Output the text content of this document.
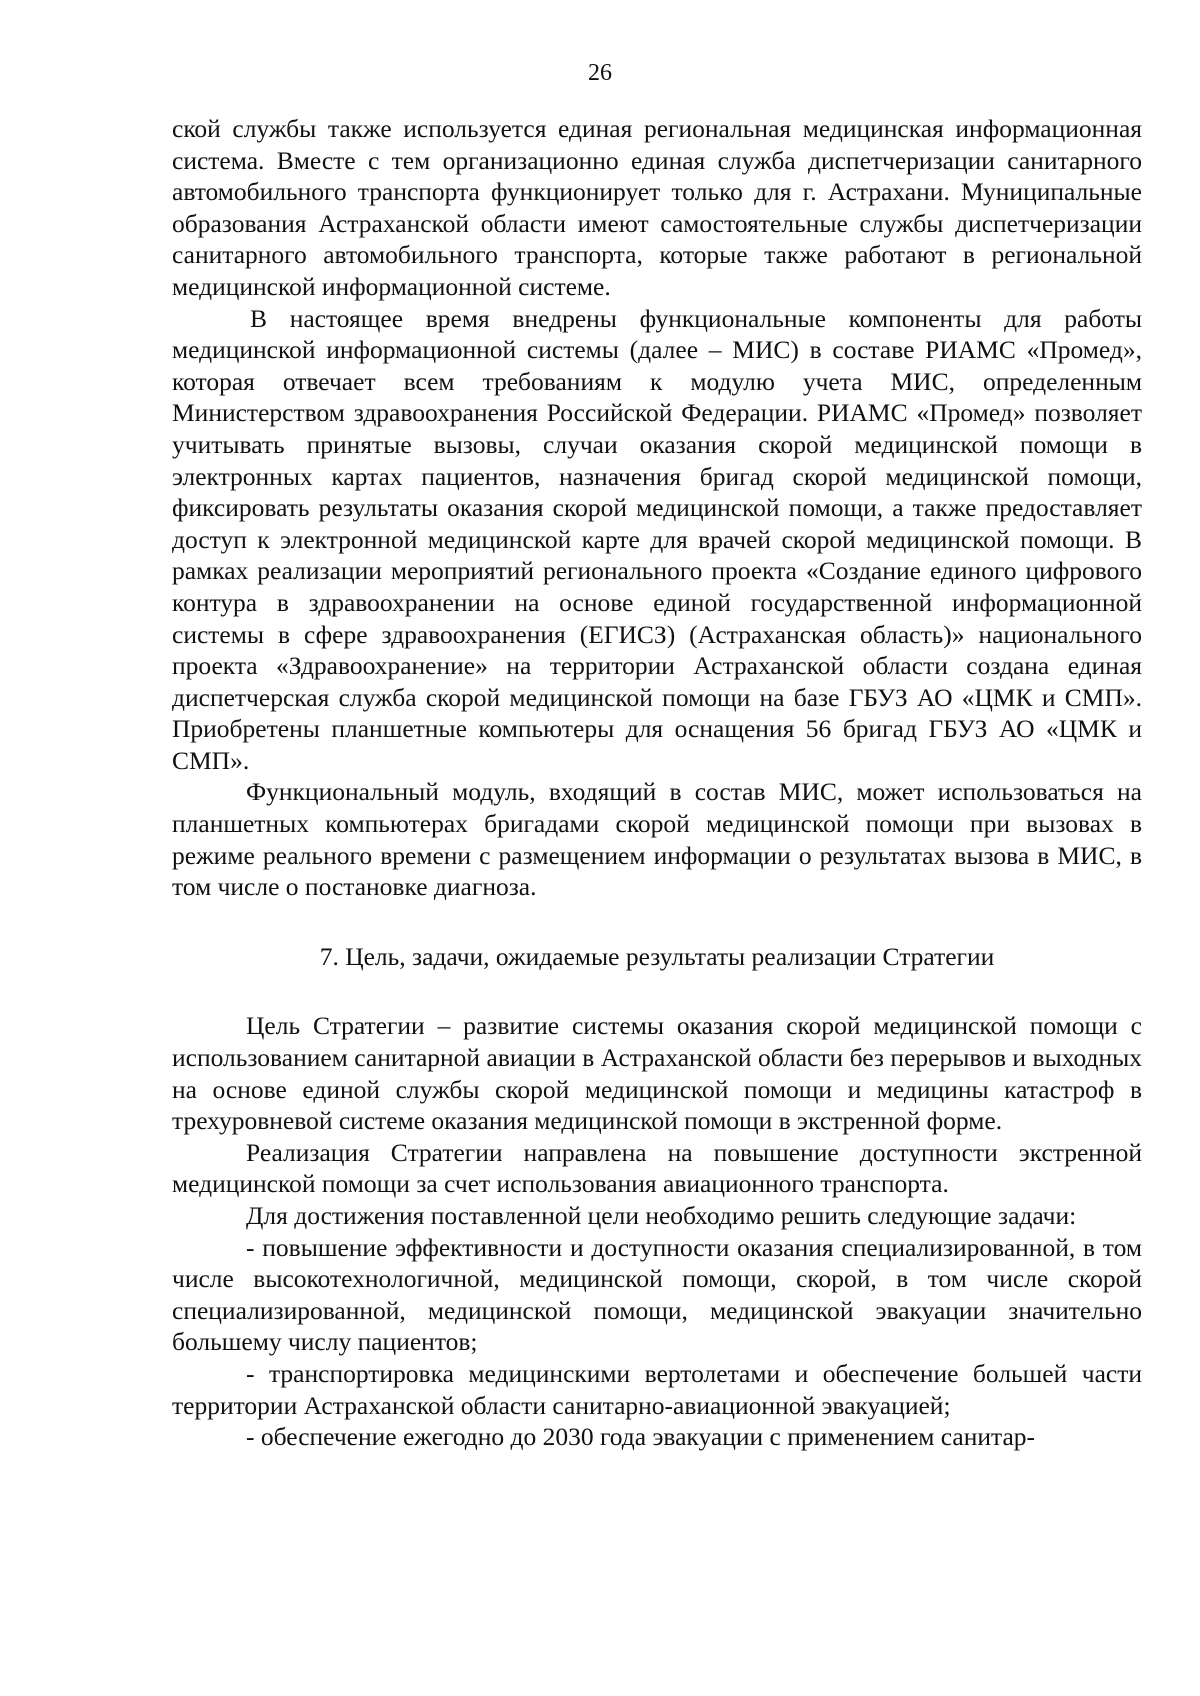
26

ской службы также используется единая региональная медицинская информационная система. Вместе с тем организационно единая служба диспетчеризации санитарного автомобильного транспорта функционирует только для г. Астрахани. Муниципальные образования Астраханской области имеют самостоятельные службы диспетчеризации санитарного автомобильного транспорта, которые также работают в региональной медицинской информационной системе.

В настоящее время внедрены функциональные компоненты для работы медицинской информационной системы (далее – МИС) в составе РИАМС «Промед», которая отвечает всем требованиям к модулю учета МИС, определенным Министерством здравоохранения Российской Федерации. РИАМС «Промед» позволяет учитывать принятые вызовы, случаи оказания скорой медицинской помощи в электронных картах пациентов, назначения бригад скорой медицинской помощи, фиксировать результаты оказания скорой медицинской помощи, а также предоставляет доступ к электронной медицинской карте для врачей скорой медицинской помощи. В рамках реализации мероприятий регионального проекта «Создание единого цифрового контура в здравоохранении на основе единой государственной информационной системы в сфере здравоохранения (ЕГИСЗ) (Астраханская область)» национального проекта «Здравоохранение» на территории Астраханской области создана единая диспетчерская служба скорой медицинской помощи на базе ГБУЗ АО «ЦМК и СМП». Приобретены планшетные компьютеры для оснащения 56 бригад ГБУЗ АО «ЦМК и СМП».

Функциональный модуль, входящий в состав МИС, может использоваться на планшетных компьютерах бригадами скорой медицинской помощи при вызовах в режиме реального времени с размещением информации о результатах вызова в МИС, в том числе о постановке диагноза.

7. Цель, задачи, ожидаемые результаты реализации Стратегии

Цель Стратегии – развитие системы оказания скорой медицинской помощи с использованием санитарной авиации в Астраханской области без перерывов и выходных на основе единой службы скорой медицинской помощи и медицины катастроф в трехуровневой системе оказания медицинской помощи в экстренной форме.

Реализация Стратегии направлена на повышение доступности экстренной медицинской помощи за счет использования авиационного транспорта.

Для достижения поставленной цели необходимо решить следующие задачи:

- повышение эффективности и доступности оказания специализированной, в том числе высокотехнологичной, медицинской помощи, скорой, в том числе скорой специализированной, медицинской помощи, медицинской эвакуации значительно большему числу пациентов;

- транспортировка медицинскими вертолетами и обеспечение большей части территории Астраханской области санитарно-авиационной эвакуацией;

- обеспечение ежегодно до 2030 года эвакуации с применением санитар-
